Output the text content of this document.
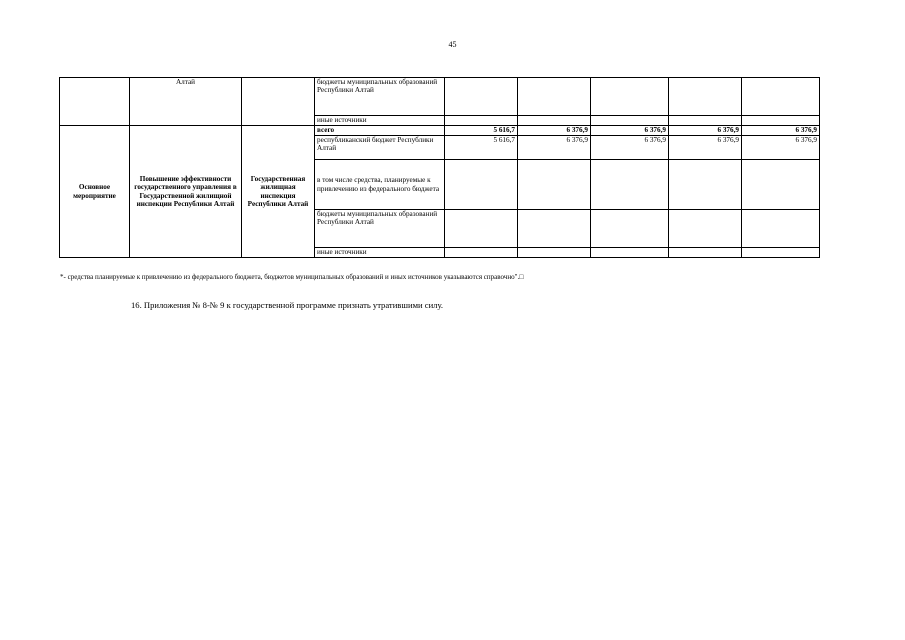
45
	Алтай		бюджеты муниципальных образований Республики Алтай					
			иные источники					
Основное мероприятие	Повышение эффективности государственного управления в Государственной жилищной инспекции Республики Алтай	Государственная жилищная инспекция Республики Алтай	всего	5 616,7	6 376,9	6 376,9	6 376,9	6 376,9
			республиканский бюджет Республики Алтай	5 616,7	6 376,9	6 376,9	6 376,9	6 376,9
			в том числе средства, планируемые к привлечению из федерального бюджета					
			бюджеты муниципальных образований Республики Алтай					
			иные источники					
*- средства планируемые к привлечению из федерального бюджета, бюджетов муниципальных образований и иных источников указываются справочно".□
16. Приложения № 8-№ 9 к государственной программе признать утратившими силу.
